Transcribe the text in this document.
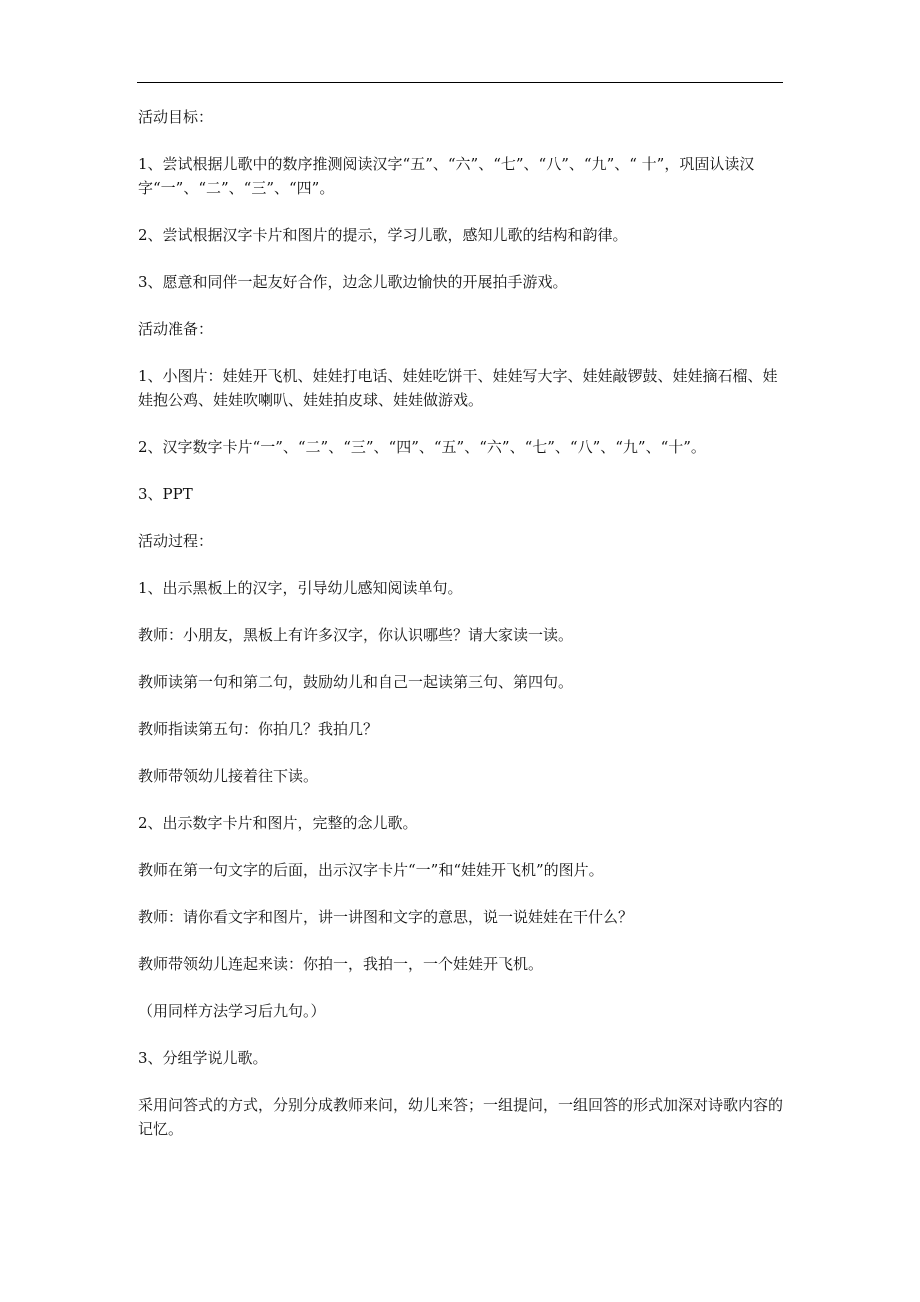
活动目标：

1、尝试根据儿歌中的数序推测阅读汉字“五”、“六”、“七”、“八”、“九”、“ 十”，巩固认读汉字“一”、“二”、“三”、“四”。

2、尝试根据汉字卡片和图片的提示，学习儿歌，感知儿歌的结构和韵律。

3、愿意和同伴一起友好合作，边念儿歌边愉快的开展拍手游戏。

活动准备：

1、小图片：娃娃开飞机、娃娃打电话、娃娃吃饼干、娃娃写大字、娃娃敲锣鼓、娃娃摘石榴、娃娃抱公鸡、娃娃吹喇叭、娃娃拍皮球、娃娃做游戏。

2、汉字数字卡片“一”、“二”、“三”、“四”、“五”、“六”、“七”、“八”、“九”、“十”。

3、PPT

活动过程：

1、出示黑板上的汉字，引导幼儿感知阅读单句。

教师：小朋友，黑板上有许多汉字，你认识哪些？请大家读一读。

教师读第一句和第二句，鼓励幼儿和自己一起读第三句、第四句。

教师指读第五句：你拍几？我拍几？

教师带领幼儿接着往下读。

2、出示数字卡片和图片，完整的念儿歌。

教师在第一句文字的后面，出示汉字卡片“一”和“娃娃开飞机”的图片。

教师：请你看文字和图片，讲一讲图和文字的意思，说一说娃娃在干什么？

教师带领幼儿连起来读：你拍一，我拍一，一个娃娃开飞机。

（用同样方法学习后九句。）

3、分组学说儿歌。

采用问答式的方式，分别分成教师来问，幼儿来答；一组提问，一组回答的形式加深对诗歌内容的记忆。
